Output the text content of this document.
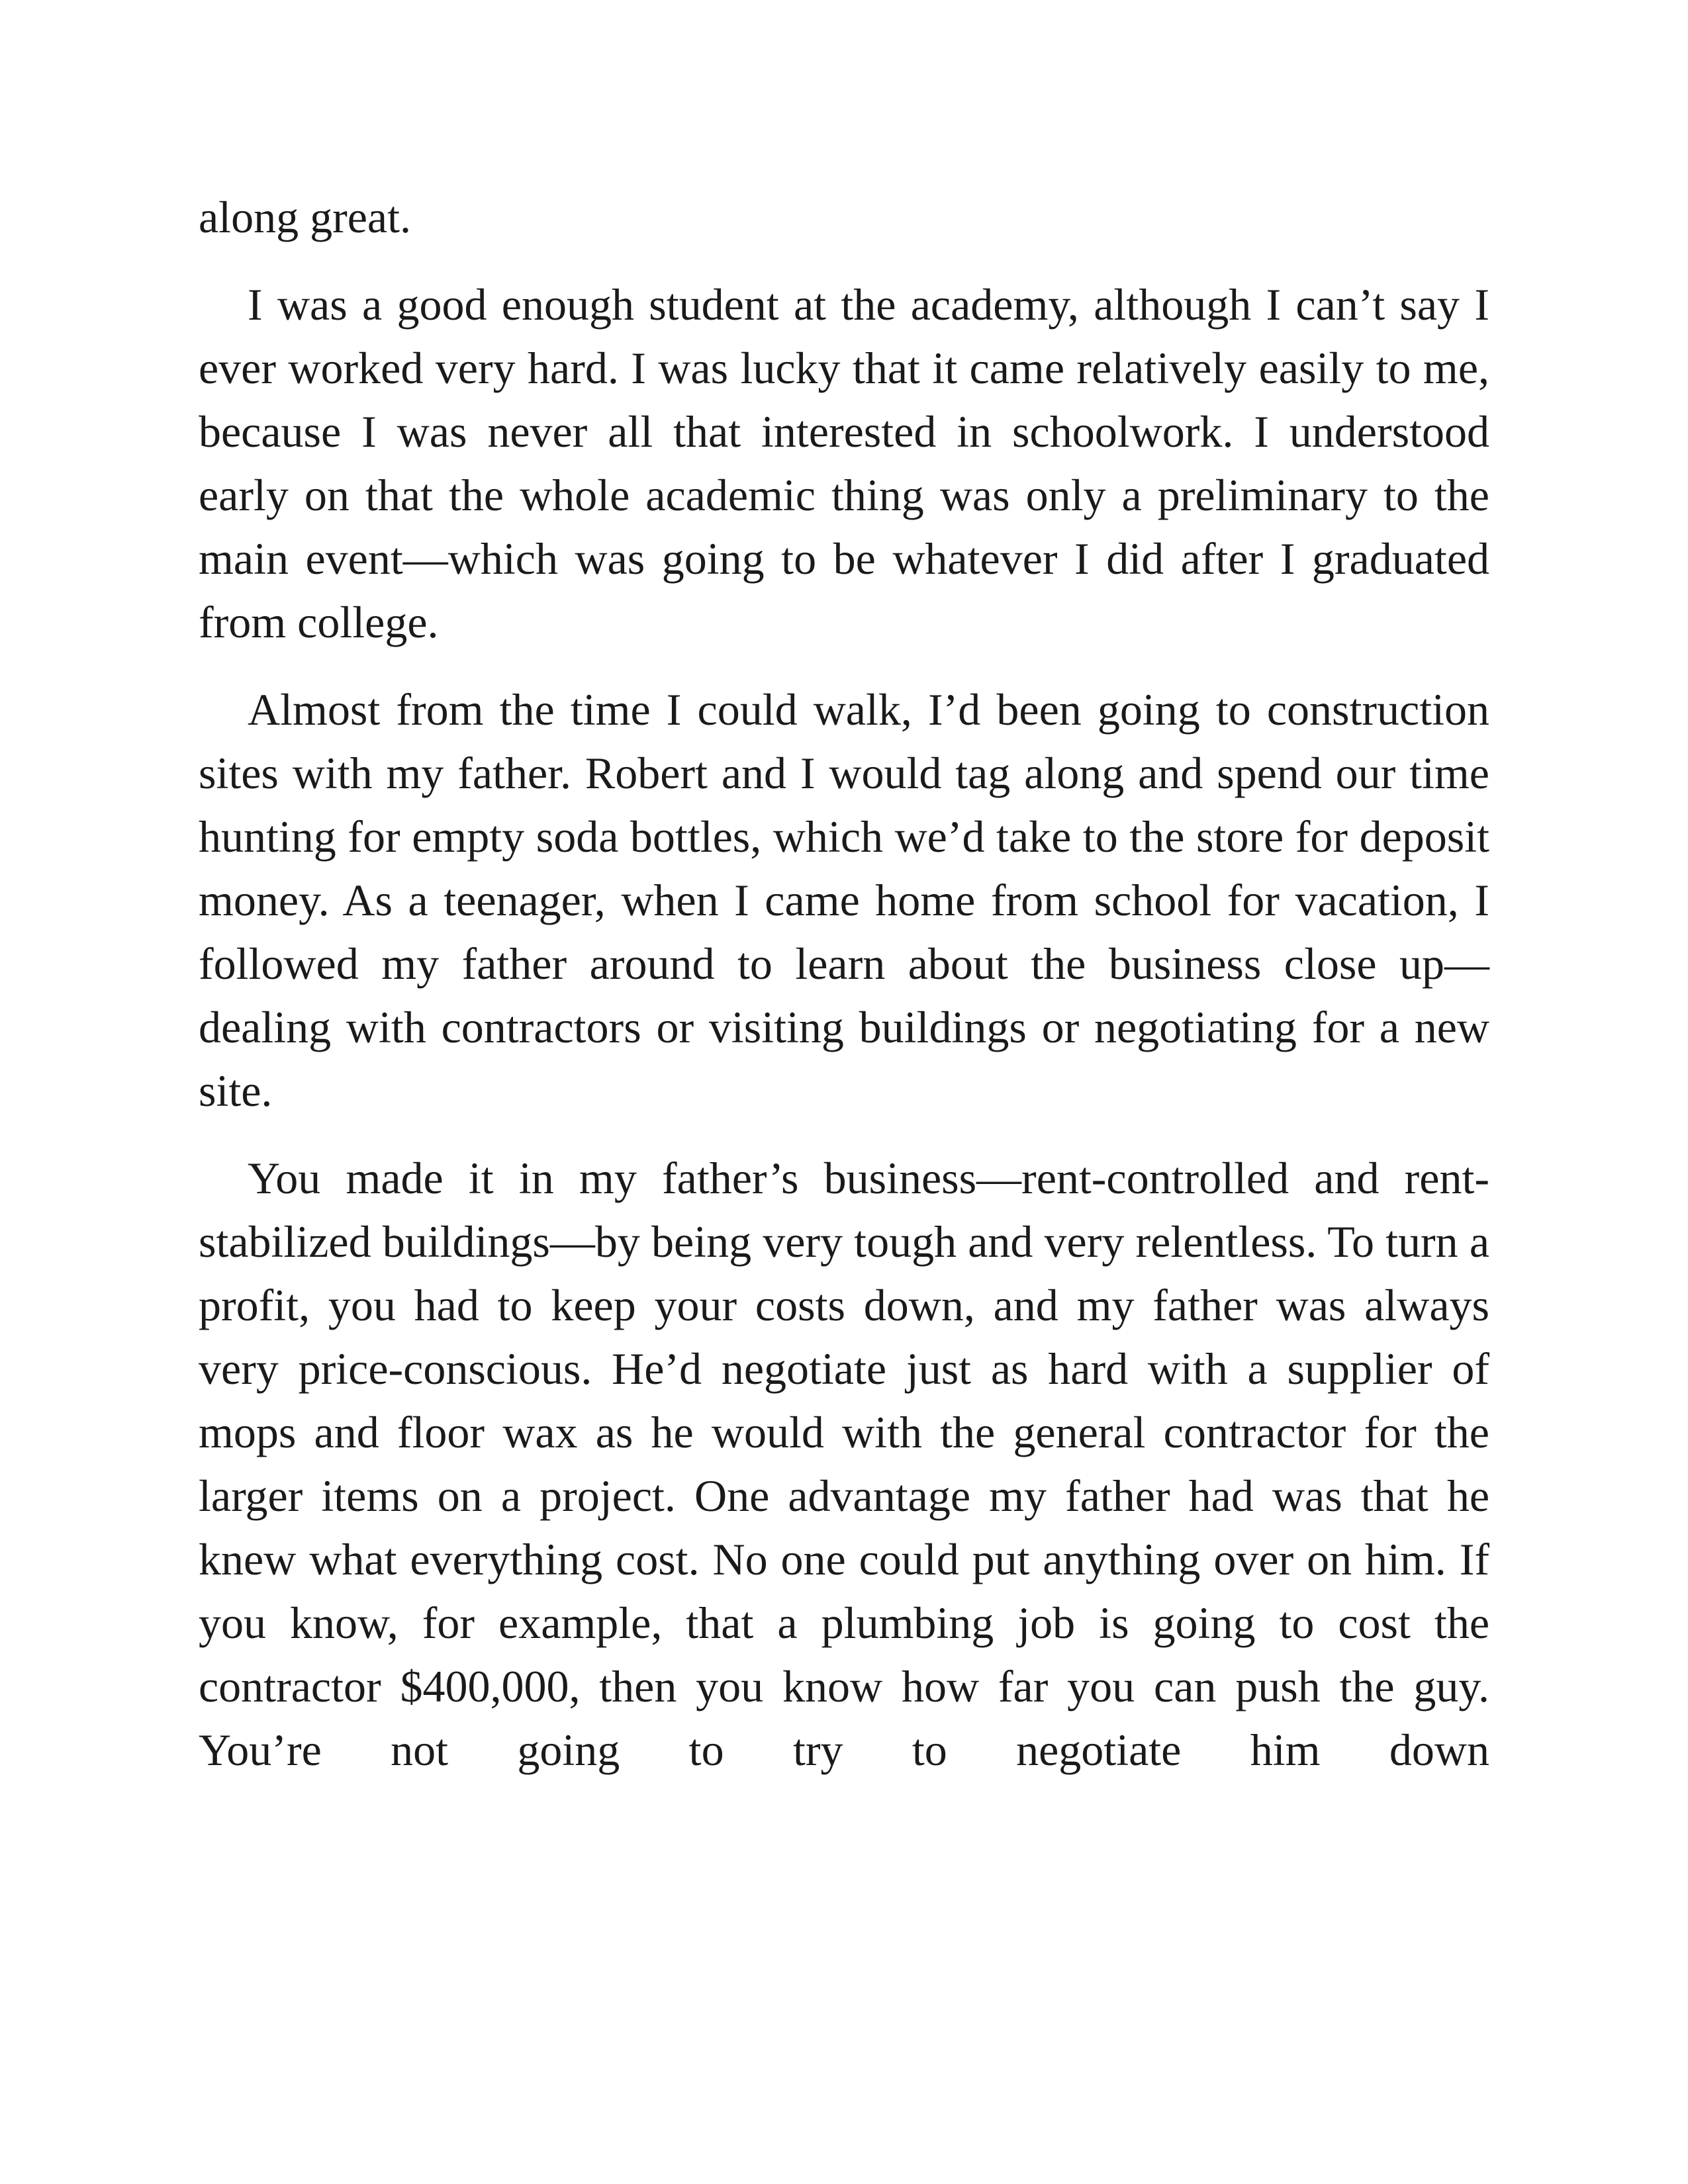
along great.

I was a good enough student at the academy, although I can’t say I ever worked very hard. I was lucky that it came relatively easily to me, because I was never all that interested in schoolwork. I understood early on that the whole academic thing was only a preliminary to the main event—which was going to be whatever I did after I graduated from college.

Almost from the time I could walk, I’d been going to construction sites with my father. Robert and I would tag along and spend our time hunting for empty soda bottles, which we’d take to the store for deposit money. As a teenager, when I came home from school for vacation, I followed my father around to learn about the business close up—dealing with contractors or visiting buildings or negotiating for a new site.

You made it in my father’s business—rent-controlled and rent-stabilized buildings—by being very tough and very relentless. To turn a profit, you had to keep your costs down, and my father was always very price-conscious. He’d negotiate just as hard with a supplier of mops and floor wax as he would with the general contractor for the larger items on a project. One advantage my father had was that he knew what everything cost. No one could put anything over on him. If you know, for example, that a plumbing job is going to cost the contractor $400,000, then you know how far you can push the guy. You’re not going to try to negotiate him down
